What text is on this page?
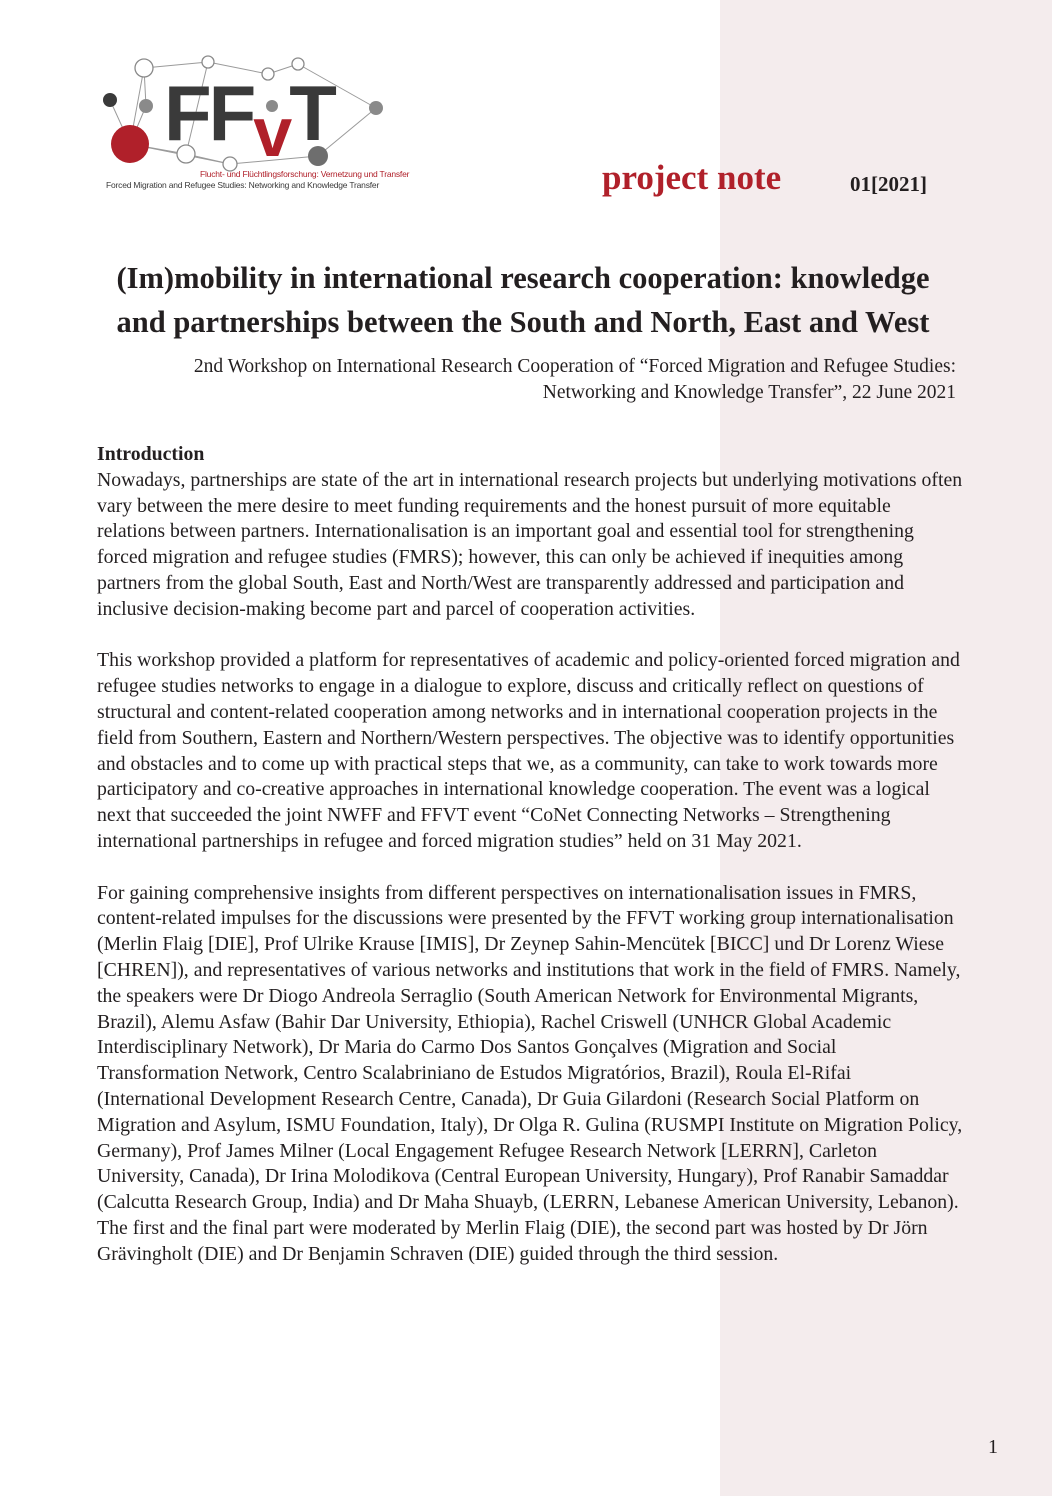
FFvT
Flucht- und Flüchtlingsforschung: Vernetzung und Transfer
Forced Migration and Refugee Studies: Networking and Knowledge Transfer	project note	01[2021]
(Im)mobility in international research cooperation: knowledge and partnerships between the South and North, East and West
2nd Workshop on International Research Cooperation of “Forced Migration and Refugee Studies: Networking and Knowledge Transfer”, 22 June 2021
Introduction

Nowadays, partnerships are state of the art in international research projects but underlying motivations often vary between the mere desire to meet funding requirements and the honest pursuit of more equitable relations between partners. Internationalisation is an important goal and essential tool for strengthening forced migration and refugee studies (FMRS); however, this can only be achieved if inequities among partners from the global South, East and North/West are transparently addressed and participation and inclusive decision-making become part and parcel of cooperation activities.

This workshop provided a platform for representatives of academic and policy-oriented forced migration and refugee studies networks to engage in a dialogue to explore, discuss and critically reflect on questions of structural and content-related cooperation among networks and in international cooperation projects in the field from Southern, Eastern and Northern/Western perspectives. The objective was to identify opportunities and obstacles and to come up with practical steps that we, as a community, can take to work towards more participatory and co-creative approaches in international knowledge cooperation. The event was a logical next that succeeded the joint NWFF and FFVT event “CoNet Connecting Networks – Strengthening international partnerships in refugee and forced migration studies” held on 31 May 2021.

For gaining comprehensive insights from different perspectives on internationalisation issues in FMRS, content-related impulses for the discussions were presented by the FFVT working group internationalisation (Merlin Flaig [DIE], Prof Ulrike Krause [IMIS], Dr Zeynep Sahin-Mencütek [BICC] und Dr Lorenz Wiese [CHREN]), and representatives of various networks and institutions that work in the field of FMRS. Namely, the speakers were Dr Diogo Andreola Serraglio (South American Network for Environmental Migrants, Brazil), Alemu Asfaw (Bahir Dar University, Ethiopia), Rachel Criswell (UNHCR Global Academic Interdisciplinary Network), Dr Maria do Carmo Dos Santos Gonçalves (Migration and Social Transformation Network, Centro Scalabriniano de Estudos Migratórios, Brazil), Roula El-Rifai (International Development Research Centre, Canada), Dr Guia Gilardoni (Research Social Platform on Migration and Asylum, ISMU Foundation, Italy), Dr Olga R. Gulina (RUSMPI Institute on Migration Policy, Germany), Prof James Milner (Local Engagement Refugee Research Network [LERRN], Carleton University, Canada), Dr Irina Molodikova (Central European University, Hungary), Prof Ranabir Samaddar (Calcutta Research Group, India) and Dr Maha Shuayb, (LERRN, Lebanese American University, Lebanon). The first and the final part were moderated by Merlin Flaig (DIE), the second part was hosted by Dr Jörn Grävingholt (DIE) and Dr Benjamin Schraven (DIE) guided through the third session.

1
